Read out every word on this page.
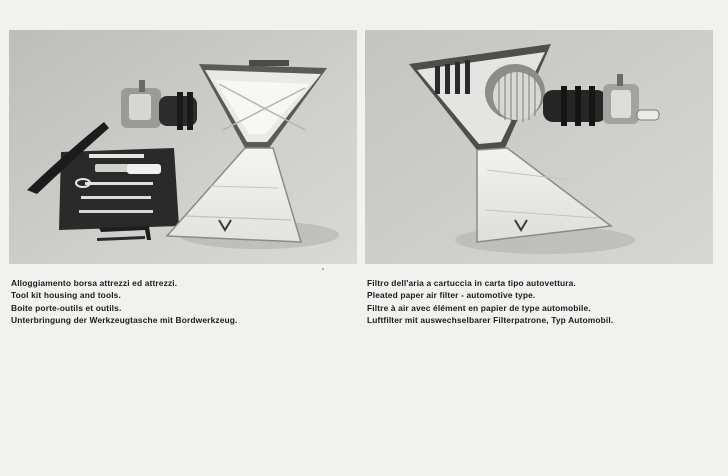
Alloggiamento borsa attrezzi ed attrezzi.
Tool kit housing and tools.
Boite porte-outils et outils.
Unterbringung der Werkzeugtasche mit Bordwerkzeug.
Filtro dell'aria a cartuccia in carta tipo autovettura.
Pleated paper air filter - automotive type.
Filtre à air avec élément en papier de type automobile.
Luftfilter mit auswechselbarer Filterpatrone, Typ Automobil.
